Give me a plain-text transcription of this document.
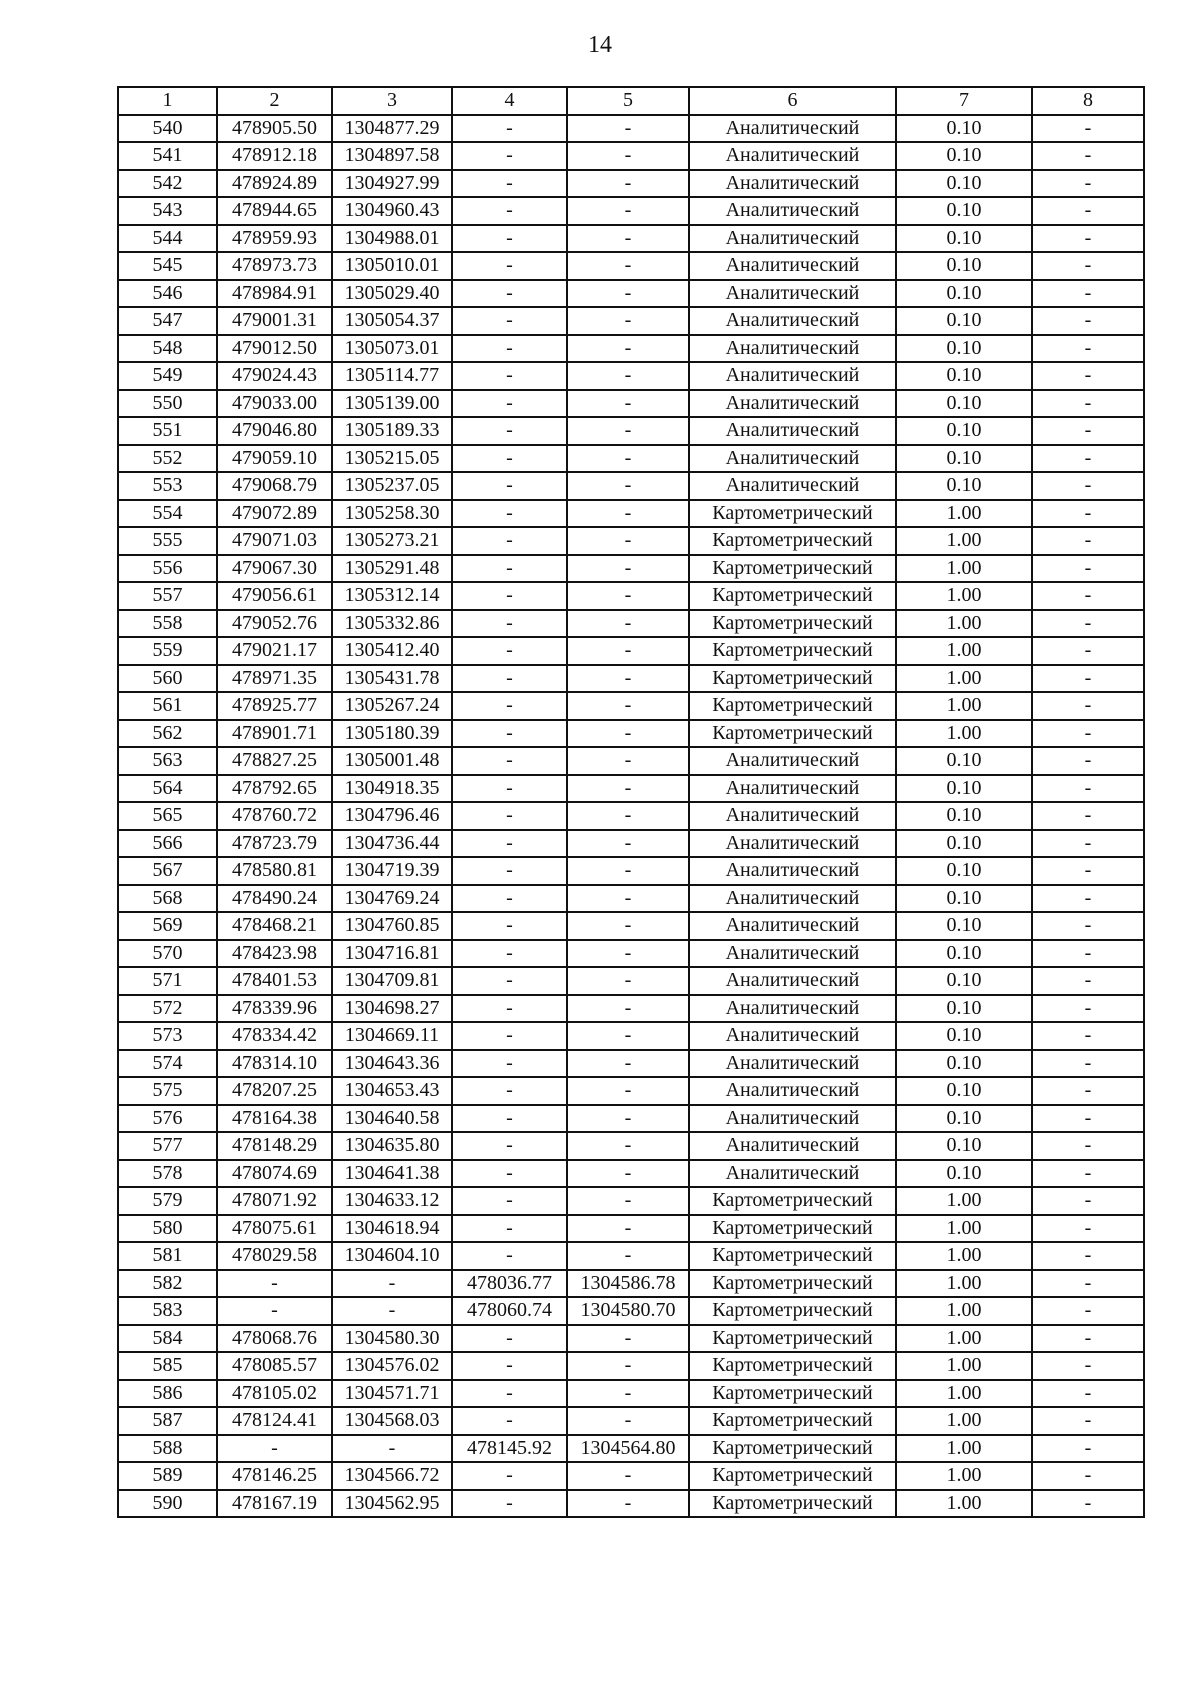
14
1	2	3	4	5	6	7	8
540	478905.50	1304877.29	-	-	Аналитический	0.10	-
541	478912.18	1304897.58	-	-	Аналитический	0.10	-
542	478924.89	1304927.99	-	-	Аналитический	0.10	-
543	478944.65	1304960.43	-	-	Аналитический	0.10	-
544	478959.93	1304988.01	-	-	Аналитический	0.10	-
545	478973.73	1305010.01	-	-	Аналитический	0.10	-
546	478984.91	1305029.40	-	-	Аналитический	0.10	-
547	479001.31	1305054.37	-	-	Аналитический	0.10	-
548	479012.50	1305073.01	-	-	Аналитический	0.10	-
549	479024.43	1305114.77	-	-	Аналитический	0.10	-
550	479033.00	1305139.00	-	-	Аналитический	0.10	-
551	479046.80	1305189.33	-	-	Аналитический	0.10	-
552	479059.10	1305215.05	-	-	Аналитический	0.10	-
553	479068.79	1305237.05	-	-	Аналитический	0.10	-
554	479072.89	1305258.30	-	-	Картометрический	1.00	-
555	479071.03	1305273.21	-	-	Картометрический	1.00	-
556	479067.30	1305291.48	-	-	Картометрический	1.00	-
557	479056.61	1305312.14	-	-	Картометрический	1.00	-
558	479052.76	1305332.86	-	-	Картометрический	1.00	-
559	479021.17	1305412.40	-	-	Картометрический	1.00	-
560	478971.35	1305431.78	-	-	Картометрический	1.00	-
561	478925.77	1305267.24	-	-	Картометрический	1.00	-
562	478901.71	1305180.39	-	-	Картометрический	1.00	-
563	478827.25	1305001.48	-	-	Аналитический	0.10	-
564	478792.65	1304918.35	-	-	Аналитический	0.10	-
565	478760.72	1304796.46	-	-	Аналитический	0.10	-
566	478723.79	1304736.44	-	-	Аналитический	0.10	-
567	478580.81	1304719.39	-	-	Аналитический	0.10	-
568	478490.24	1304769.24	-	-	Аналитический	0.10	-
569	478468.21	1304760.85	-	-	Аналитический	0.10	-
570	478423.98	1304716.81	-	-	Аналитический	0.10	-
571	478401.53	1304709.81	-	-	Аналитический	0.10	-
572	478339.96	1304698.27	-	-	Аналитический	0.10	-
573	478334.42	1304669.11	-	-	Аналитический	0.10	-
574	478314.10	1304643.36	-	-	Аналитический	0.10	-
575	478207.25	1304653.43	-	-	Аналитический	0.10	-
576	478164.38	1304640.58	-	-	Аналитический	0.10	-
577	478148.29	1304635.80	-	-	Аналитический	0.10	-
578	478074.69	1304641.38	-	-	Аналитический	0.10	-
579	478071.92	1304633.12	-	-	Картометрический	1.00	-
580	478075.61	1304618.94	-	-	Картометрический	1.00	-
581	478029.58	1304604.10	-	-	Картометрический	1.00	-
582	-	-	478036.77	1304586.78	Картометрический	1.00	-
583	-	-	478060.74	1304580.70	Картометрический	1.00	-
584	478068.76	1304580.30	-	-	Картометрический	1.00	-
585	478085.57	1304576.02	-	-	Картометрический	1.00	-
586	478105.02	1304571.71	-	-	Картометрический	1.00	-
587	478124.41	1304568.03	-	-	Картометрический	1.00	-
588	-	-	478145.92	1304564.80	Картометрический	1.00	-
589	478146.25	1304566.72	-	-	Картометрический	1.00	-
590	478167.19	1304562.95	-	-	Картометрический	1.00	-
